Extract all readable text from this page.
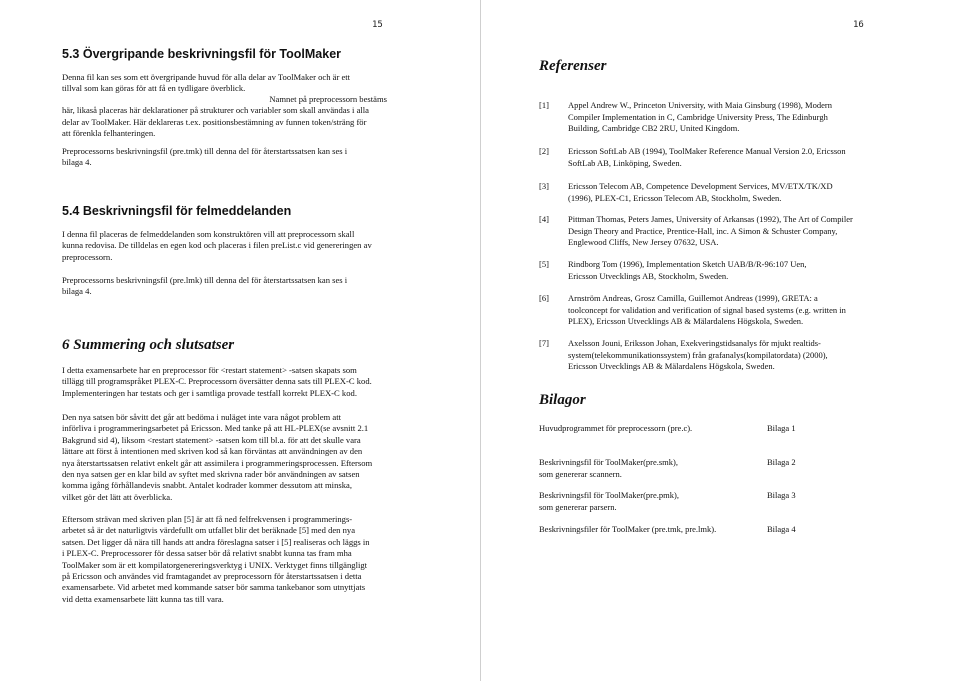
15
5.3 Övergripande beskrivningsfil för ToolMaker
Denna fil kan ses som ett övergripande huvud för alla delar av ToolMaker och är ett
tillval som kan göras för att få en tydligare överblick.
Namnet på preprocessorn bestäms
här, likaså placeras här deklarationer på strukturer och variabler som skall användas i alla
delar av ToolMaker. Här deklareras t.ex. positionsbestämning av funnen token/sträng för
att förenkla felhanteringen.
Preprocessorns beskrivningsfil (pre.tmk) till denna del för återstartssatsen kan ses i
bilaga 4.
5.4 Beskrivningsfil för felmeddelanden
I denna fil placeras de felmeddelanden som konstruktören vill att preprocessorn skall
kunna redovisa. De tilldelas en egen kod och placeras i filen preList.c vid genereringen av
preprocessorn.
Preprocessorns beskrivningsfil (pre.lmk) till denna del för återstartssatsen kan ses i
bilaga 4.
6 Summering och slutsatser
I detta examensarbete har en preprocessor för <restart statement> -satsen skapats som
tillägg till programspråket PLEX-C. Preprocessorn översätter denna sats till PLEX-C kod.
Implementeringen har testats och ger i samtliga provade testfall korrekt PLEX-C kod.
Den nya satsen bör såvitt det går att bedöma i nuläget inte vara något problem att
införliva i programmeringsarbetet på Ericsson. Med tanke på att HL-PLEX(se avsnitt 2.1
Bakgrund sid 4), liksom <restart statement> -satsen kom till bl.a. för att det skulle vara
lättare att först å intentionen med skriven kod så kan förväntas att användningen av den
nya återstartssatsen relativt enkelt går att assimilera i programmeringsprocessen. Eftersom
den nya satsen ger en klar bild av syftet med skrivna rader bör användningen av satsen
komma igång förhållandevis snabbt. Antalet kodrader kommer dessutom att minska,
vilket gör det lätt att överblicka.
Eftersom strävan med skriven plan [5] är att få ned felfrekvensen i programmerings-
arbetet så är det naturligtvis värdefullt om utfallet blir det beräknade [5] med den nya
satsen. Det ligger då nära till hands att andra föreslagna satser i [5] realiseras och läggs in
i PLEX-C. Preprocessorer för dessa satser bör då relativt snabbt kunna tas fram mha
ToolMaker som är ett kompilatorgenereringsverktyg i UNIX. Verktyget finns tillgängligt
på Ericsson och användes vid framtagandet av preprocessorn för återstartssatsen i detta
examensarbete. Vid arbetet med kommande satser bör samma tankebanor som utnyttjats
vid detta examensarbete lätt kunna tas till vara.
16
Referenser
[1] Appel Andrew W., Princeton University, with Maia Ginsburg (1998), Modern
Compiler Implementation in C, Cambridge University Press, The Edinburgh
Building, Cambridge CB2 2RU, United Kingdom.
[2] Ericsson SoftLab AB (1994), ToolMaker Reference Manual Version 2.0, Ericsson
SoftLab AB, Linköping, Sweden.
[3] Ericsson Telecom AB, Competence Development Services, MV/ETX/TK/XD
(1996), PLEX-C1, Ericsson Telecom AB, Stockholm, Sweden.
[4] Pittman Thomas, Peters James, University of Arkansas (1992), The Art of Compiler
Design Theory and Practice, Prentice-Hall, inc. A Simon & Schuster Company,
Englewood Cliffs, New Jersey 07632, USA.
[5] Rindborg Tom (1996), Implementation Sketch UAB/B/R-96:107 Uen,
Ericsson Utvecklings AB, Stockholm, Sweden.
[6] Arnström Andreas, Grosz Camilla, Guillemot Andreas (1999), GRETA: a
toolconcept for validation and verification of signal based systems (e.g. written in
PLEX), Ericsson Utvecklings AB & Mälardalens Högskola, Sweden.
[7] Axelsson Jouni, Eriksson Johan, Exekveringstidsanalys för mjukt realtids-
system(telekommunikationssystem) från grafanalys(kompilatordata) (2000),
Ericsson Utvecklings AB & Mälardalens Högskola, Sweden.
Bilagor
Huvudprogrammet för preprocessorn (pre.c).	Bilaga 1
Beskrivningsfil för ToolMaker(pre.smk),
som genererar scannern.
Bilaga 2
Beskrivningsfil för ToolMaker(pre.pmk),
som genererar parsern.
Bilaga 3
Beskrivningsfiler för ToolMaker (pre.tmk, pre.lmk).	Bilaga 4
